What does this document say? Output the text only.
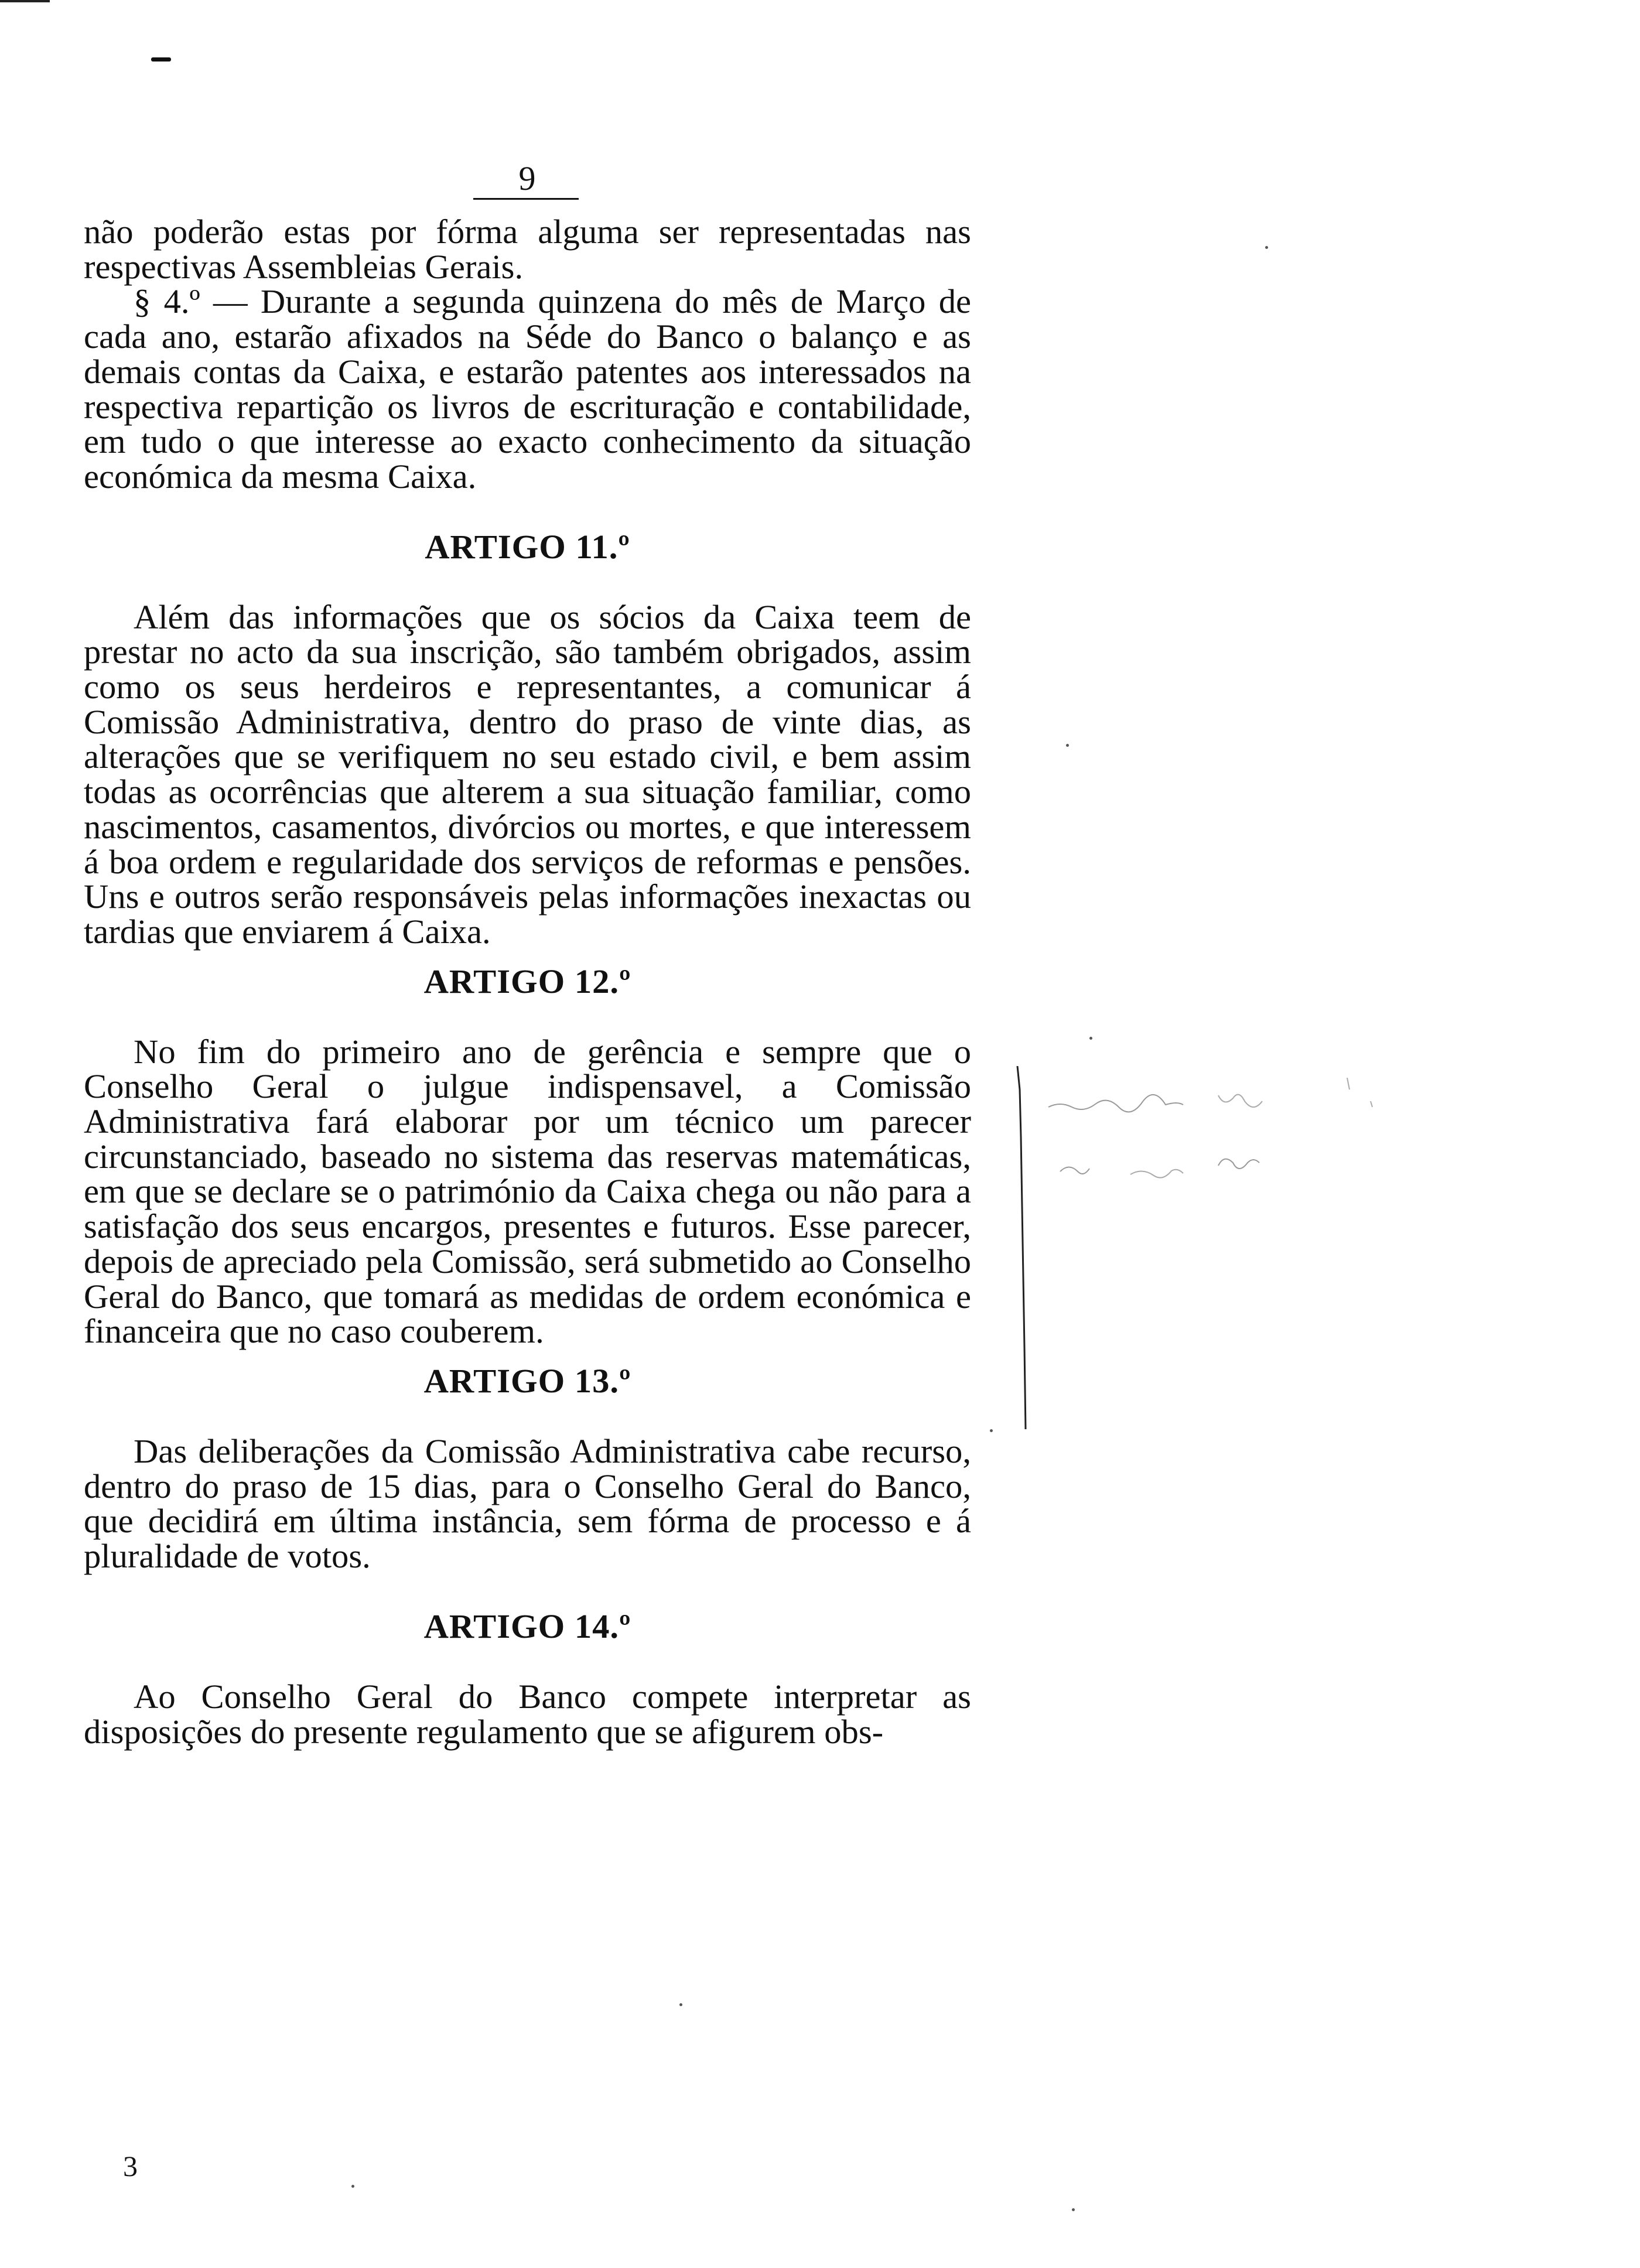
9

não poderão estas por fórma alguma ser representadas nas respectivas Assembleias Gerais.

§ 4.º — Durante a segunda quinzena do mês de Março de cada ano, estarão afixados na Séde do Banco o balanço e as demais contas da Caixa, e estarão patentes aos interessados na respectiva repartição os livros de escrituração e contabilidade, em tudo o que interesse ao exacto conhecimento da situação económica da mesma Caixa.

ARTIGO 11.º

Além das informações que os sócios da Caixa teem de prestar no acto da sua inscrição, são também obrigados, assim como os seus herdeiros e representantes, a comunicar á Comissão Administrativa, dentro do praso de vinte dias, as alterações que se verifiquem no seu estado civil, e bem assim todas as ocorrências que alterem a sua situação familiar, como nascimentos, casamentos, divórcios ou mortes, e que interessem á boa ordem e regularidade dos serviços de reformas e pensões. Uns e outros serão responsáveis pelas informações inexactas ou tardias que enviarem á Caixa.

ARTIGO 12.º

No fim do primeiro ano de gerência e sempre que o Conselho Geral o julgue indispensavel, a Comissão Administrativa fará elaborar por um técnico um parecer circunstanciado, baseado no sistema das reservas matemáticas, em que se declare se o património da Caixa chega ou não para a satisfação dos seus encargos, presentes e futuros. Esse parecer, depois de apreciado pela Comissão, será submetido ao Conselho Geral do Banco, que tomará as medidas de ordem económica e financeira que no caso couberem.

ARTIGO 13.º

Das deliberações da Comissão Administrativa cabe recurso, dentro do praso de 15 dias, para o Conselho Geral do Banco, que decidirá em última instância, sem fórma de processo e á pluralidade de votos.

ARTIGO 14.º

Ao Conselho Geral do Banco compete interpretar as disposições do presente regulamento que se afigurem obs-

3
